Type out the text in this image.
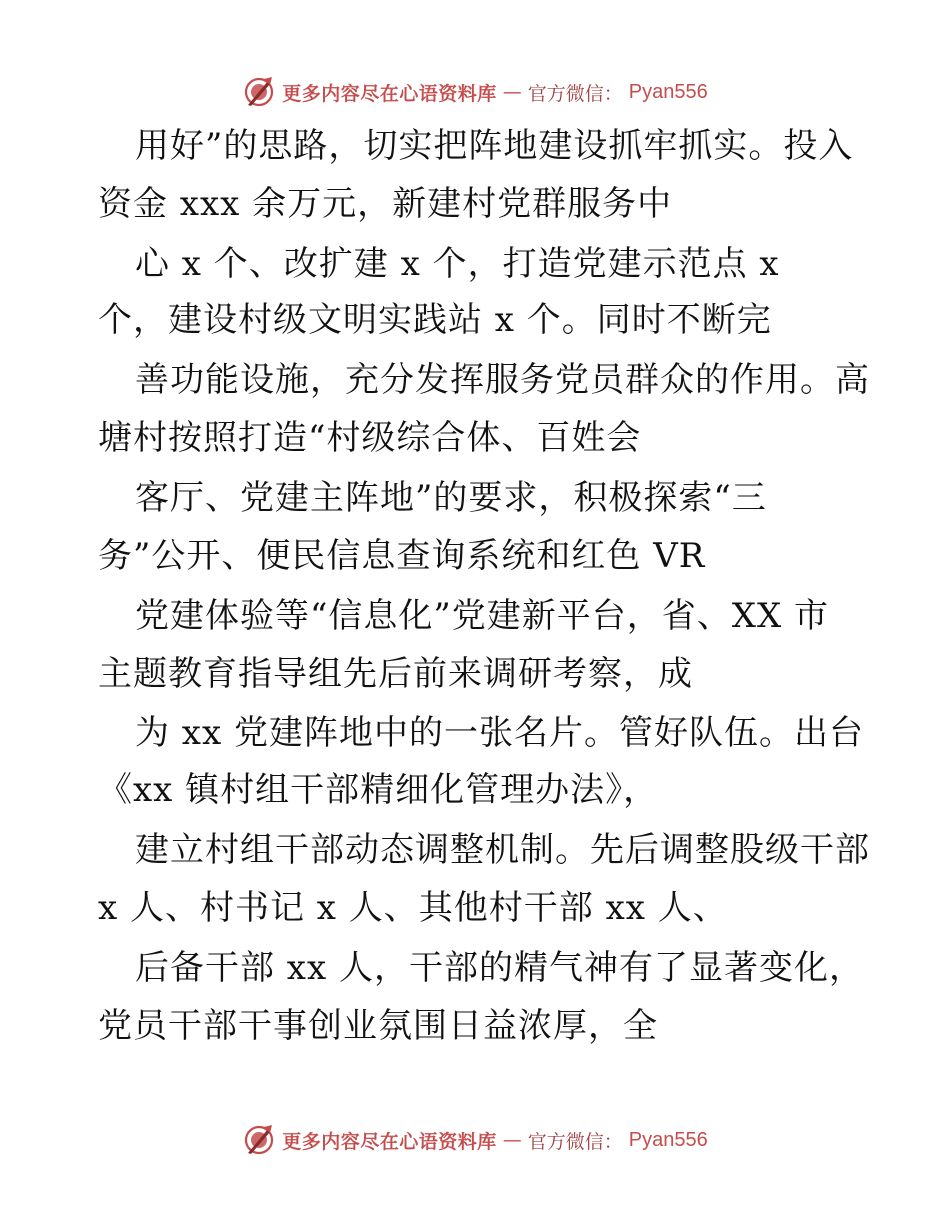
更多内容尽在心语资料库 — 官方微信： Pyan556
用好”的思路，切实把阵地建设抓牢抓实。投入
资金 xxx 余万元，新建村党群服务中
心 x 个、改扩建 x 个，打造党建示范点 x
个，建设村级文明实践站 x 个。同时不断完
善功能设施，充分发挥服务党员群众的作用。高
塘村按照打造“村级综合体、百姓会
客厅、党建主阵地”的要求，积极探索“三
务”公开、便民信息查询系统和红色 VR
党建体验等“信息化”党建新平台，省、XX 市
主题教育指导组先后前来调研考察，成
为 xx 党建阵地中的一张名片。管好队伍。出台
《xx 镇村组干部精细化管理办法》，
建立村组干部动态调整机制。先后调整股级干部
x 人、村书记 x 人、其他村干部 xx 人、
后备干部 xx 人，干部的精气神有了显著变化，
党员干部干事创业氛围日益浓厚，全
更多内容尽在心语资料库 — 官方微信： Pyan556
